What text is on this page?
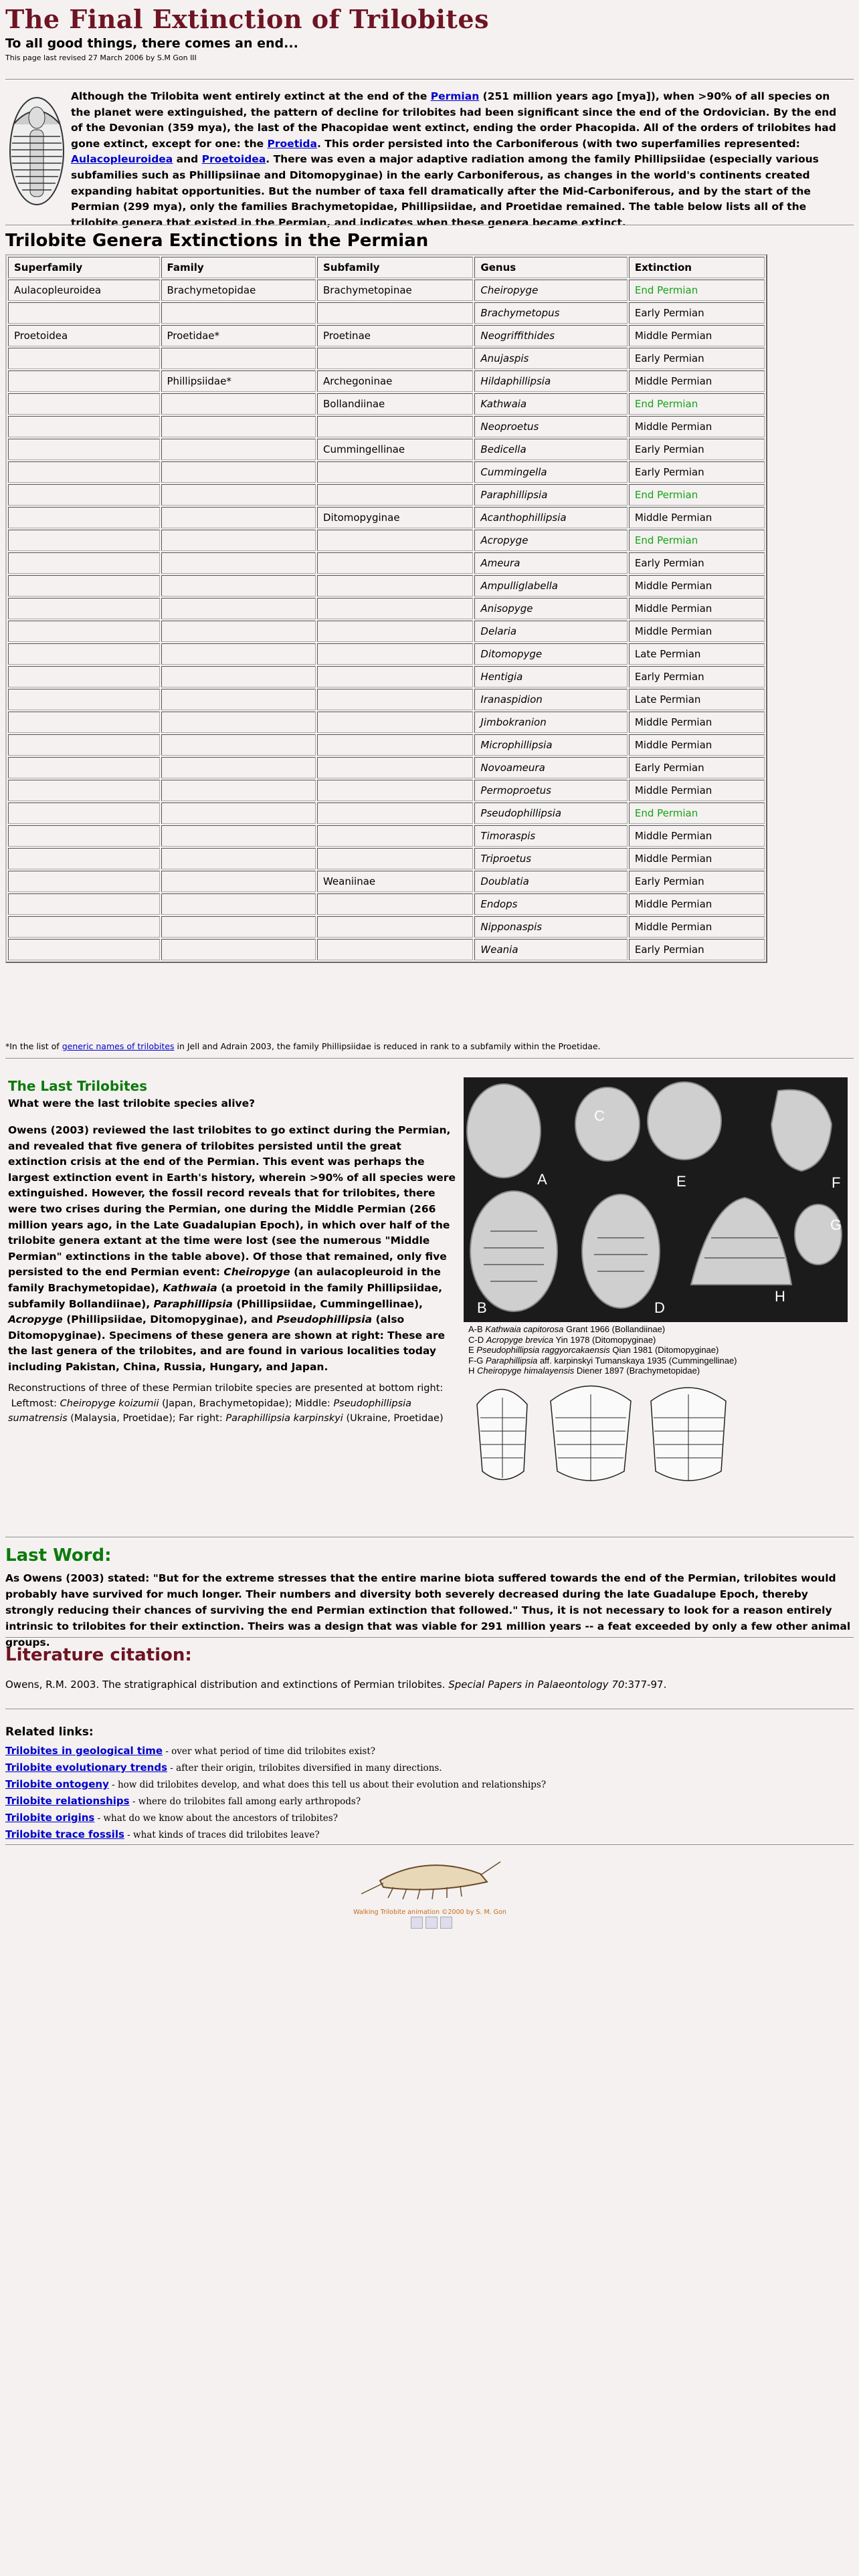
The Final Extinction of Trilobites
To all good things, there comes an end...
This page last revised 27 March 2006 by S.M Gon III

Although the Trilobita went entirely extinct at the end of the Permian (251 million years ago [mya]), when >90% of all species on the planet were extinguished, the pattern of decline for trilobites had been significant since the end of the Ordovician. By the end of the Devonian (359 mya), the last of the Phacopidae went extinct, ending the order Phacopida. All of the orders of trilobites had gone extinct, except for one: the Proetida. This order persisted into the Carboniferous (with two superfamilies represented: Aulacopleuroidea and Proetoidea. There was even a major adaptive radiation among the family Phillipsiidae (especially various subfamilies such as Phillipsiinae and Ditomopyginae) in the early Carboniferous, as changes in the world's continents created expanding habitat opportunities. But the number of taxa fell dramatically after the Mid-Carboniferous, and by the start of the Permian (299 mya), only the families Brachymetopidae, Phillipsiidae, and Proetidae remained. The table below lists all of the trilobite genera that existed in the Permian, and indicates when these genera became extinct.

Trilobite Genera Extinctions in the Permian
Superfamily	Family	Subfamily	Genus	Extinction
Aulacopleuroidea	Brachymetopidae	Brachymetopinae	Cheiropyge	End Permian
			Brachymetopus	Early Permian
Proetoidea	Proetidae*	Proetinae	Neogriffithides	Middle Permian
			Anujaspis	Early Permian
	Phillipsiidae*	Archegoninae	Hildaphillipsia	Middle Permian
		Bollandiinae	Kathwaia	End Permian
			Neoproetus	Middle Permian
		Cummingellinae	Bedicella	Early Permian
			Cummingella	Early Permian
			Paraphillipsia	End Permian
		Ditomopyginae	Acanthophillipsia	Middle Permian
			Acropyge	End Permian
			Ameura	Early Permian
			Ampulliglabella	Middle Permian
			Anisopyge	Middle Permian
			Delaria	Middle Permian
			Ditomopyge	Late Permian
			Hentigia	Early Permian
			Iranaspidion	Late Permian
			Jimbokranion	Middle Permian
			Microphillipsia	Middle Permian
			Novoameura	Early Permian
			Permoproetus	Middle Permian
			Pseudophillipsia	End Permian
			Timoraspis	Middle Permian
			Triproetus	Middle Permian
		Weaniinae	Doublatia	Early Permian
			Endops	Middle Permian
			Nipponaspis	Middle Permian
			Weania	Early Permian
*In the list of generic names of trilobites in Jell and Adrain 2003, the family Phillipsiidae is reduced in rank to a subfamily within the Proetidae.
The Last Trilobites

What were the last trilobite species alive?

Owens (2003) reviewed the last trilobites to go extinct during the Permian, and revealed that five genera of trilobites persisted until the great extinction crisis at the end of the Permian. This event was perhaps the largest extinction event in Earth's history, wherein >90% of all species were extinguished. However, the fossil record reveals that for trilobites, there were two crises during the Permian, one during the Middle Permian (266 million years ago, in the Late Guadalupian Epoch), in which over half of the trilobite genera extant at the time were lost (see the numerous "Middle Permian" extinctions in the table above). Of those that remained, only five persisted to the end Permian event: Cheiropyge (an aulacopleuroid in the family Brachymetopidae), Kathwaia (a proetoid in the family Phillipsiidae, subfamily Bollandiinae), Paraphillipsia (Phillipsiidae, Cummingellinae), Acropyge (Phillipsiidae, Ditomopyginae), and Pseudophillipsia (also Ditomopyginae). Specimens of these genera are shown at right: These are the last genera of the trilobites, and are found in various localities today including Pakistan, China, Russia, Hungary, and Japan.

Reconstructions of three of these Permian trilobite species are presented at bottom right:
Leftmost: Cheiropyge koizumii (Japan, Brachymetopidae); Middle: Pseudophillipsia sumatrensis (Malaysia, Proetidae); Far right: Paraphillipsia karpinskyi (Ukraine, Proetidae)

A
B
C
D
E	F
G
H
A-B Kathwaia capitorosa Grant 1966 (Bollandiinae)
C-D Acropyge brevica Yin 1978 (Ditomopyginae)
E Pseudophillipsia raggyorcakaensis Qian 1981 (Ditomopyginae)
F-G Paraphillipsia aff. karpinskyi Tumanskaya 1935 (Cummingellinae)
H Cheiropyge himalayensis Diener 1897 (Brachymetopidae)
Last Word:

As Owens (2003) stated: "But for the extreme stresses that the entire marine biota suffered towards the end of the Permian, trilobites would probably have survived for much longer. Their numbers and diversity both severely decreased during the late Guadalupe Epoch, thereby strongly reducing their chances of surviving the end Permian extinction that followed." Thus, it is not necessary to look for a reason entirely intrinsic to trilobites for their extinction. Theirs was a design that was viable for 291 million years -- a feat exceeded by only a few other animal groups.

Literature citation:

Owens, R.M. 2003. The stratigraphical distribution and extinctions of Permian trilobites. Special Papers in Palaeontology 70:377-97.

Related links:
Trilobites in geological time - over what period of time did trilobites exist?
Trilobite evolutionary trends - after their origin, trilobites diversified in many directions.
Trilobite ontogeny - how did trilobites develop, and what does this tell us about their evolution and relationships?
Trilobite relationships - where do trilobites fall among early arthropods?
Trilobite origins - what do we know about the ancestors of trilobites?
Trilobite trace fossils - what kinds of traces did trilobites leave?
Walking Trilobite animation ©2000 by S. M. Gon
